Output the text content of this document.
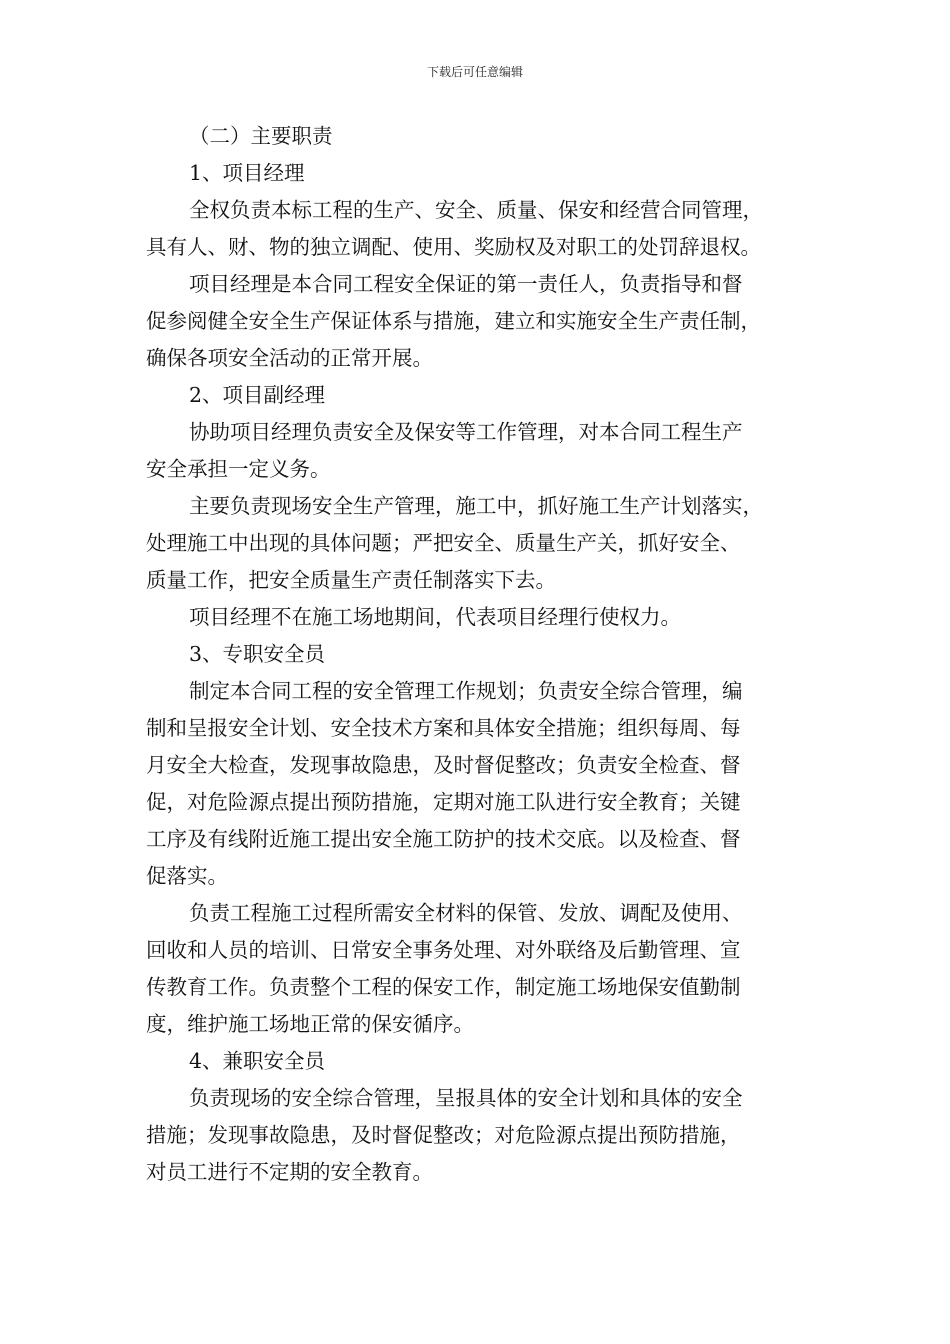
下载后可任意编辑

（二）主要职责

1、项目经理

全权负责本标工程的生产、安全、质量、保安和经营合同管理，

具有人、财、物的独立调配、使用、奖励权及对职工的处罚辞退权。

项目经理是本合同工程安全保证的第一责任人，负责指导和督

促参阅健全安全生产保证体系与措施，建立和实施安全生产责任制，

确保各项安全活动的正常开展。

2、项目副经理

协助项目经理负责安全及保安等工作管理，对本合同工程生产

安全承担一定义务。

主要负责现场安全生产管理，施工中，抓好施工生产计划落实，

处理施工中出现的具体问题；严把安全、质量生产关，抓好安全、

质量工作，把安全质量生产责任制落实下去。

项目经理不在施工场地期间，代表项目经理行使权力。

3、专职安全员

制定本合同工程的安全管理工作规划；负责安全综合管理，编

制和呈报安全计划、安全技术方案和具体安全措施；组织每周、每

月安全大检查，发现事故隐患，及时督促整改；负责安全检查、督

促，对危险源点提出预防措施，定期对施工队进行安全教育；关键

工序及有线附近施工提出安全施工防护的技术交底。以及检查、督

促落实。

负责工程施工过程所需安全材料的保管、发放、调配及使用、

回收和人员的培训、日常安全事务处理、对外联络及后勤管理、宣

传教育工作。负责整个工程的保安工作，制定施工场地保安值勤制

度，维护施工场地正常的保安循序。

4、兼职安全员

负责现场的安全综合管理，呈报具体的安全计划和具体的安全

措施；发现事故隐患，及时督促整改；对危险源点提出预防措施，

对员工进行不定期的安全教育。
